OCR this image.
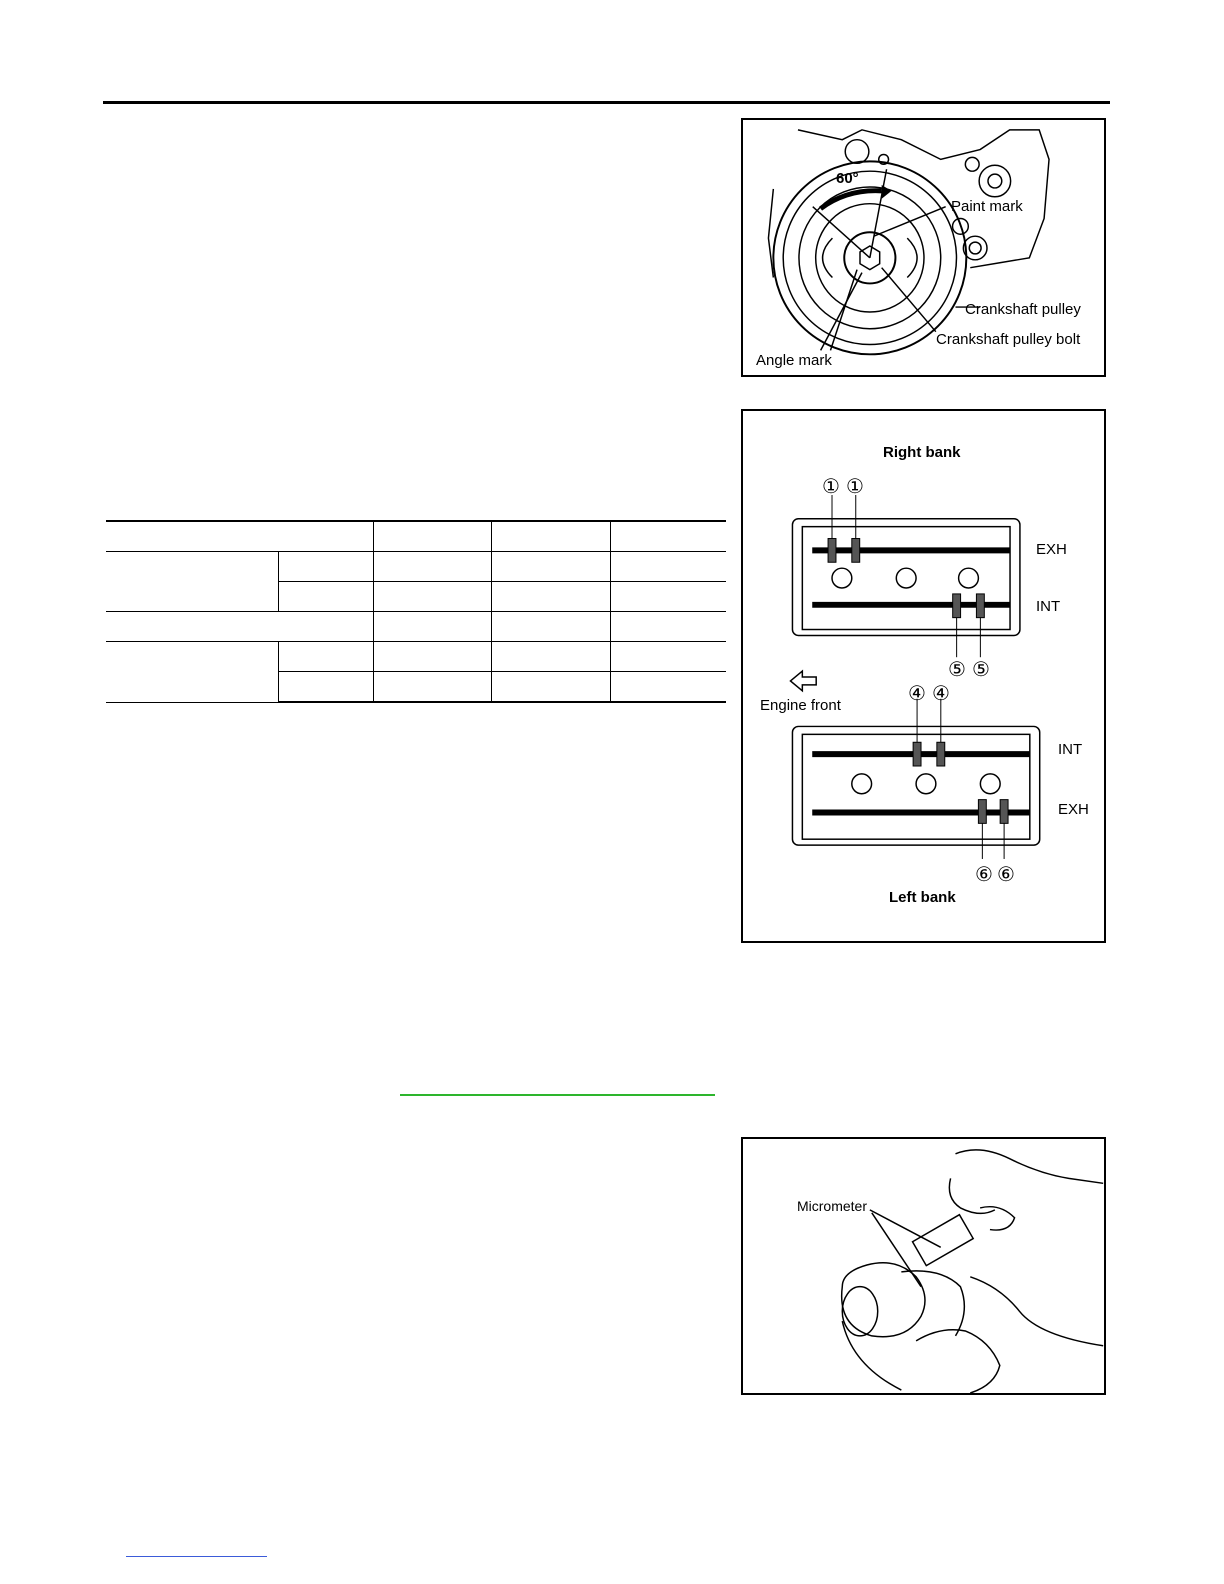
60°
Paint mark
Crankshaft pulley
Crankshaft pulley bolt
Angle mark
Right bank
① ①
EXH
INT
⑤ ⑤
Engine front
④ ④
INT
EXH
⑥ ⑥
Left bank

Micrometer
